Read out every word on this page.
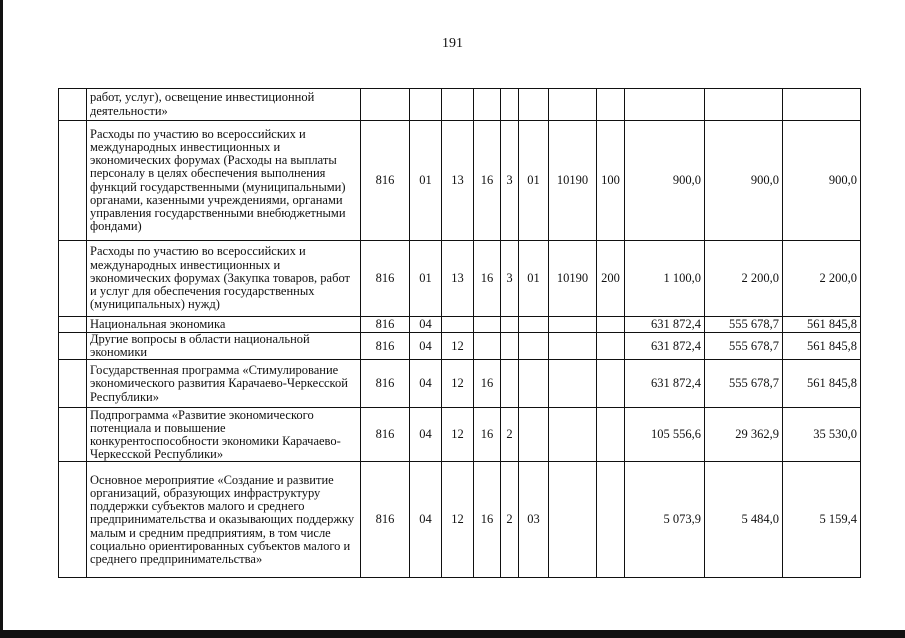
191
	работ, услуг), освещение инвестиционной деятельности»											
	Расходы по участию во всероссийских и международных инвестиционных и экономических форумах (Расходы на выплаты персоналу в целях обеспечения выполнения функций государственными (муниципальными) органами, казенными учреждениями, органами управления государственными внебюджетными фондами)	816	01	13	16	3	01	10190	100	900,0	900,0	900,0
	Расходы по участию во всероссийских и международных инвестиционных и экономических форумах (Закупка товаров, работ и услуг для обеспечения государственных (муниципальных) нужд)	816	01	13	16	3	01	10190	200	1 100,0	2 200,0	2 200,0
	Национальная экономика	816	04							631 872,4	555 678,7	561 845,8
	Другие вопросы в области национальной экономики	816	04	12						631 872,4	555 678,7	561 845,8
	Государственная программа «Стимулирование экономического развития Карачаево-Черкесской Республики»	816	04	12	16					631 872,4	555 678,7	561 845,8
	Подпрограмма «Развитие экономического потенциала и повышение конкурентоспособности экономики Карачаево-Черкесской Республики»	816	04	12	16	2				105 556,6	29 362,9	35 530,0
	Основное мероприятие «Создание и развитие организаций, образующих инфраструктуру поддержки субъектов малого и среднего предпринимательства и оказывающих поддержку малым и средним предприятиям, в том числе социально ориентированных субъектов малого и среднего предпринимательства»	816	04	12	16	2	03			5 073,9	5 484,0	5 159,4
